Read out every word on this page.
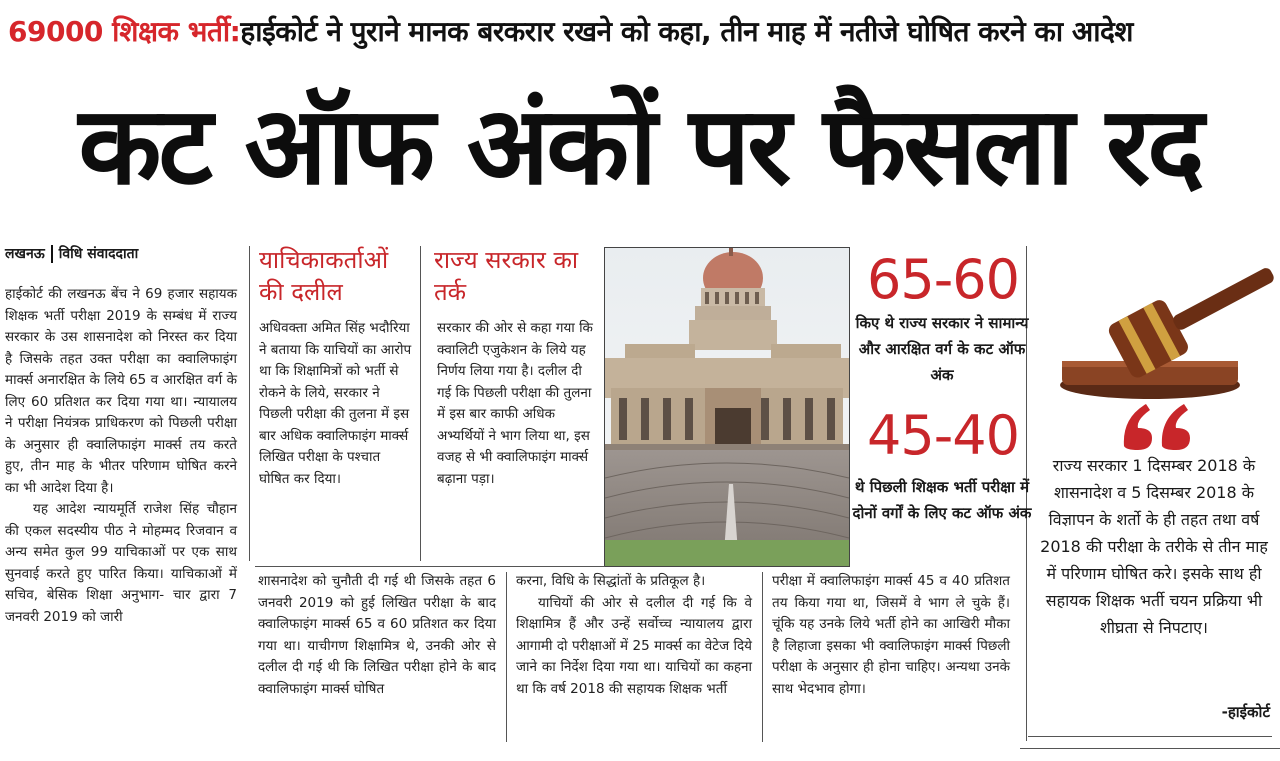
69000 शिक्षक भर्ती:हाईकोर्ट ने पुराने मानक बरकरार रखने को कहा, तीन माह में नतीजे घोषित करने का आदेश
कट ऑफ अंकों पर फैसला रद
लखनऊ विधि संवाददाता

हाईकोर्ट की लखनऊ बेंच ने 69 हजार सहायक शिक्षक भर्ती परीक्षा 2019 के सम्बंध में राज्य सरकार के उस शासनादेश को निरस्त कर दिया है जिसके तहत उक्त परीक्षा का क्वालिफाइंग मार्क्स अनारक्षित के लिये 65 व आरक्षित वर्ग के लिए 60 प्रतिशत कर दिया गया था। न्यायालय ने परीक्षा नियंत्रक प्राधिकरण को पिछली परीक्षा के अनुसार ही क्वालिफाइंग मार्क्स तय करते हुए, तीन माह के भीतर परिणाम घोषित करने का भी आदेश दिया है।

यह आदेश न्यायमूर्ति राजेश सिंह चौहान की एकल सदस्यीय पीठ ने मोहम्मद रिजवान व अन्य समेत कुल 99 याचिकाओं पर एक साथ सुनवाई करते हुए पारित किया। याचिकाओं में सचिव, बेसिक शिक्षा अनुभाग- चार द्वारा 7 जनवरी 2019 को जारी

याचिकाकर्ताओं की दलील
अधिवक्ता अमित सिंह भदौरिया ने बताया कि याचियों का आरोप था कि शिक्षामित्रों को भर्ती से रोकने के लिये, सरकार ने पिछली परीक्षा की तुलना में इस बार अधिक क्वालिफाइंग मार्क्स लिखित परीक्षा के पश्चात घोषित कर दिया।
राज्य सरकार का तर्क
सरकार की ओर से कहा गया कि क्वालिटी एजुकेशन के लिये यह निर्णय लिया गया है। दलील दी गई कि पिछली परीक्षा की तुलना में इस बार काफी अधिक अभ्यर्थियों ने भाग लिया था, इस वजह से भी क्वालिफाइंग मार्क्स बढ़ाना पड़ा।
65-60
किए थे राज्य सरकार ने सामान्य और आरक्षित वर्ग के कट ऑफ अंक
45-40
थे पिछली शिक्षक भर्ती परीक्षा में दोनों वर्गों के लिए कट ऑफ अंक

शासनादेश को चुनौती दी गई थी जिसके तहत 6 जनवरी 2019 को हुई लिखित परीक्षा के बाद क्वालिफाइंग मार्क्स 65 व 60 प्रतिशत कर दिया गया था। याचीगण शिक्षामित्र थे, उनकी ओर से दलील दी गई थी कि लिखित परीक्षा होने के बाद क्वालिफाइंग मार्क्स घोषित

करना, विधि के सिद्धांतों के प्रतिकूल है।

याचियों की ओर से दलील दी गई कि वे शिक्षामित्र हैं और उन्हें सर्वोच्च न्यायालय द्वारा आगामी दो परीक्षाओं में 25 मार्क्स का वेटेज दिये जाने का निर्देश दिया गया था। याचियों का कहना था कि वर्ष 2018 की सहायक शिक्षक भर्ती

परीक्षा में क्वालिफाइंग मार्क्स 45 व 40 प्रतिशत तय किया गया था, जिसमें वे भाग ले चुके हैं। चूंकि यह उनके लिये भर्ती होने का आखिरी मौका है लिहाजा इसका भी क्वालिफाइंग मार्क्स पिछली परीक्षा के अनुसार ही होना चाहिए। अन्यथा उनके साथ भेदभाव होगा।

राज्य सरकार 1 दिसम्बर 2018 के शासनादेश व 5 दिसम्बर 2018 के विज्ञापन के शर्तो के ही तहत तथा वर्ष 2018 की परीक्षा के तरीके से तीन माह में परिणाम घोषित करे। इसके साथ ही सहायक शिक्षक भर्ती चयन प्रक्रिया भी शीघ्रता से निपटाए।
-हाईकोर्ट
